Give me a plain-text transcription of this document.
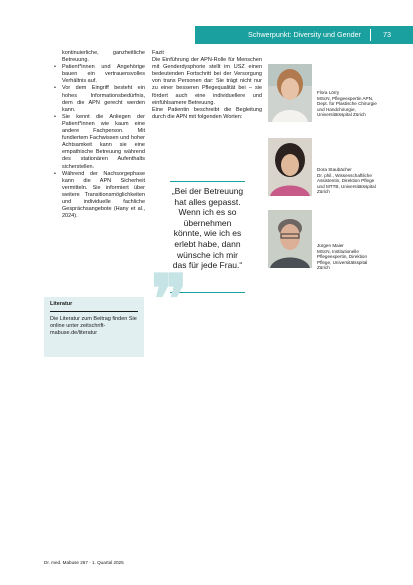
Schwerpunkt: Diversity und Gender	73

kontinuierliche, ganzheitliche Betreuung.

• Patient*innen und Angehörige bauen ein vertrauensvolles Verhältnis auf.
• Vor dem Eingriff besteht ein hohes Informationsbedürfnis, dem die APN gerecht werden kann.
• Sie kennt die Anliegen der Patient*innen wie kaum eine andere Fachperson. Mit fundiertem Fachwissen und hoher Achtsamkeit kann sie eine empathische Betreuung während des stationären Aufenthalts sicherstellen.
• Während der Nachsorgephase kann die APN Sicherheit vermitteln. Sie informiert über weitere Transitionsmöglichkeiten und individuelle fachliche Gesprächsangebote (Hany et al., 2024).
Literatur
Die Literatur zum Beitrag finden Sie online unter zeitschrift-mabuse.de/literatur

Fazit

Die Einführung der APN-Rolle für Menschen mit Genderdysphorie stellt im USZ einen bedeutenden Fortschritt bei der Versorgung von trans Personen dar: Sie trägt nicht nur zu einer besseren Pflegequalität bei – sie fördert auch eine individuellere und einfühlsamere Betreuung.

Eine Patientin beschreibt die Begleitung durch die APN mit folgenden Worten:

„Bei der Betreuung hat alles gepasst. Wenn ich es so übernehmen könnte, wie ich es erlebt habe, dann wünsche ich mir das für jede Frau.“
❞
Flora Lörry
MScN, Pflegeexpertin APN, Dept. für Plastische Chirurgie und Handchirurgie, Universitätsspital Zürich
Dora Staubächer
Dr. phil., Wissenschaftliche Assistentin, Direktion Pflege und MTTB, Universitätsspital Zürich
Jürgen Maier
MScN, Institutionelle Pflegeexpertin, Direktion Pflege, Universitätsspital Zürich
Dr. med. Mabuse 267 · 1. Quartal 2025
